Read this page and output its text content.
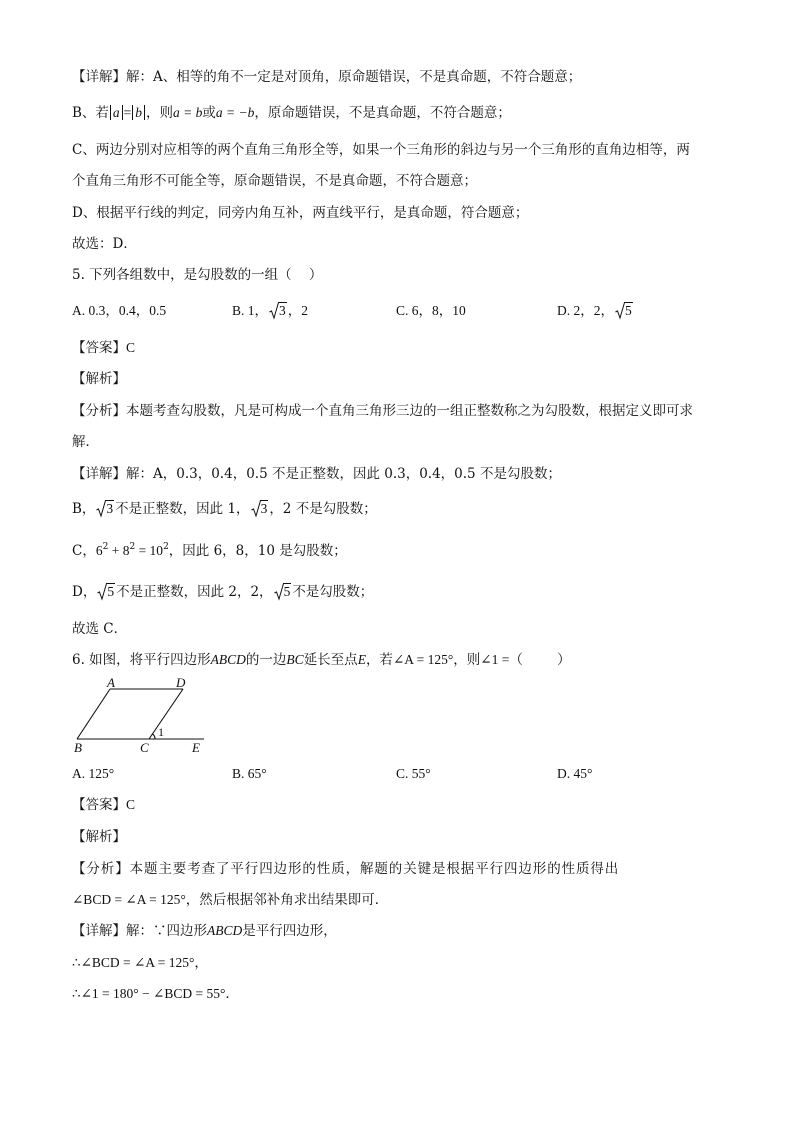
【详解】解：A、相等的角不一定是对顶角，原命题错误，不是真命题，不符合题意；
B、若 a = b ，则a = b或a = −b，原命题错误，不是真命题，不符合题意；
C、两边分别对应相等的两个直角三角形全等，如果一个三角形的斜边与另一个三角形的直角边相等，两
个直角三角形不可能全等，原命题错误，不是真命题，不符合题意；
D、根据平行线的判定，同旁内角互补，两直线平行，是真命题，符合题意；
故选：D．
5. 下列各组数中，是勾股数的一组（    ）
A. 0.3，0.4，0.5	B. 1， 3 ，2	C. 6，8，10	D. 2，2， 5
【答案】C
【解析】
【分析】本题考查勾股数，凡是可构成一个直角三角形三边的一组正整数称之为勾股数，根据定义即可求
解．
【详解】解：A，0.3，0.4，0.5 不是正整数，因此 0.3，0.4，0.5 不是勾股数；
B， 3 不是正整数，因此 1， 3 ，2 不是勾股数；
C，$6^2 + 8^2 = 10^2$，因此 6，8，10 是勾股数；
D， 5 不是正整数，因此 2，2， 5 不是勾股数；
故选 C．
6. 如图，将平行四边形ABCD的一边BC延长至点E，若∠A = 125°，则∠1 =（        ）
A	D
B	C	E
1
A. 125°	B. 65°	C. 55°	D. 45°
【答案】C
【解析】
【分析】本题主要考查了平行四边形的性质，解题的关键是根据平行四边形的性质得出
∠BCD = ∠A = 125°，然后根据邻补角求出结果即可．
【详解】解：∵四边形ABCD是平行四边形，
∴∠BCD = ∠A = 125°，
∴∠1 = 180° − ∠BCD = 55°．
